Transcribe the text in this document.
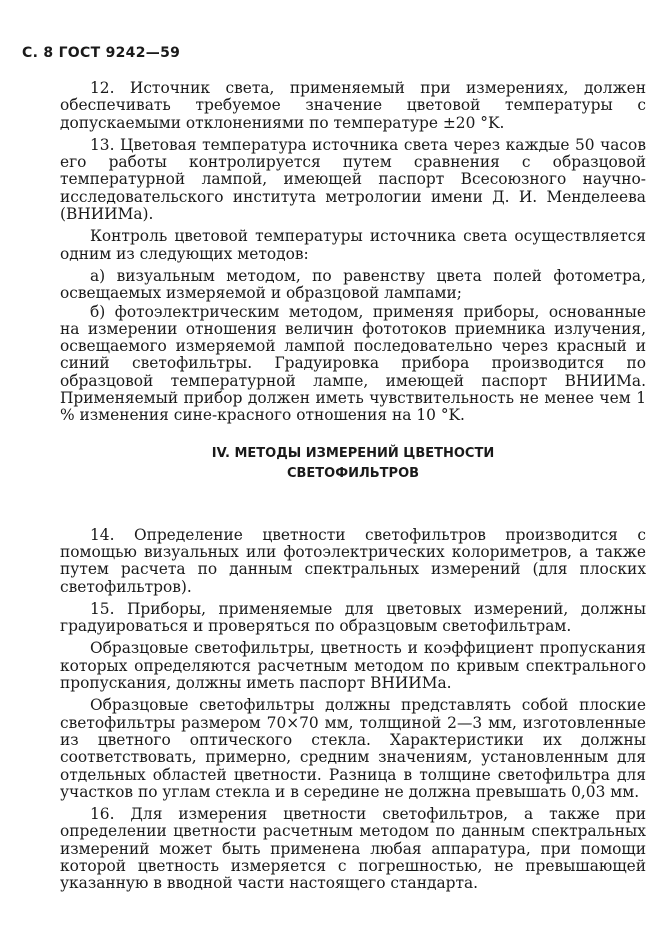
С. 8 ГОСТ 9242—59

12. Источник света, применяемый при измерениях, должен обеспечивать требуемое значение цветовой температуры с допускаемыми отклонениями по температуре ±20 °K.

13. Цветовая температура источника света через каждые 50 часов его работы контролируется путем сравнения с образцовой температурной лампой, имеющей паспорт Всесоюзного научно-исследовательского института метрологии имени Д. И. Менделеева (ВНИИМа).

Контроль цветовой температуры источника света осуществляется одним из следующих методов:

а) визуальным методом, по равенству цвета полей фотометра, освещаемых измеряемой и образцовой лампами;

б) фотоэлектрическим методом, применяя приборы, основанные на измерении отношения величин фототоков приемника излучения, освещаемого измеряемой лампой последовательно через красный и синий светофильтры. Градуировка прибора производится по образцовой температурной лампе, имеющей паспорт ВНИИМа. Применяемый прибор должен иметь чувствительность не менее чем 1 % изменения сине-красного отношения на 10 °K.

IV. МЕТОДЫ ИЗМЕРЕНИЙ ЦВЕТНОСТИ
СВЕТОФИЛЬТРОВ

14. Определение цветности светофильтров производится с помощью визуальных или фотоэлектрических колориметров, а также путем расчета по данным спектральных измерений (для плоских светофильтров).

15. Приборы, применяемые для цветовых измерений, должны градуироваться и проверяться по образцовым светофильтрам.

Образцовые светофильтры, цветность и коэффициент пропускания которых определяются расчетным методом по кривым спектрального пропускания, должны иметь паспорт ВНИИМа.

Образцовые светофильтры должны представлять собой плоские светофильтры размером 70×70 мм, толщиной 2—3 мм, изготовленные из цветного оптического стекла. Характеристики их должны соответствовать, примерно, средним значениям, установленным для отдельных областей цветности. Разница в толщине светофильтра для участков по углам стекла и в середине не должна превышать 0,03 мм.

16. Для измерения цветности светофильтров, а также при определении цветности расчетным методом по данным спектральных измерений может быть применена любая аппаратура, при помощи которой цветность измеряется с погрешностью, не превышающей указанную в вводной части настоящего стандарта.
